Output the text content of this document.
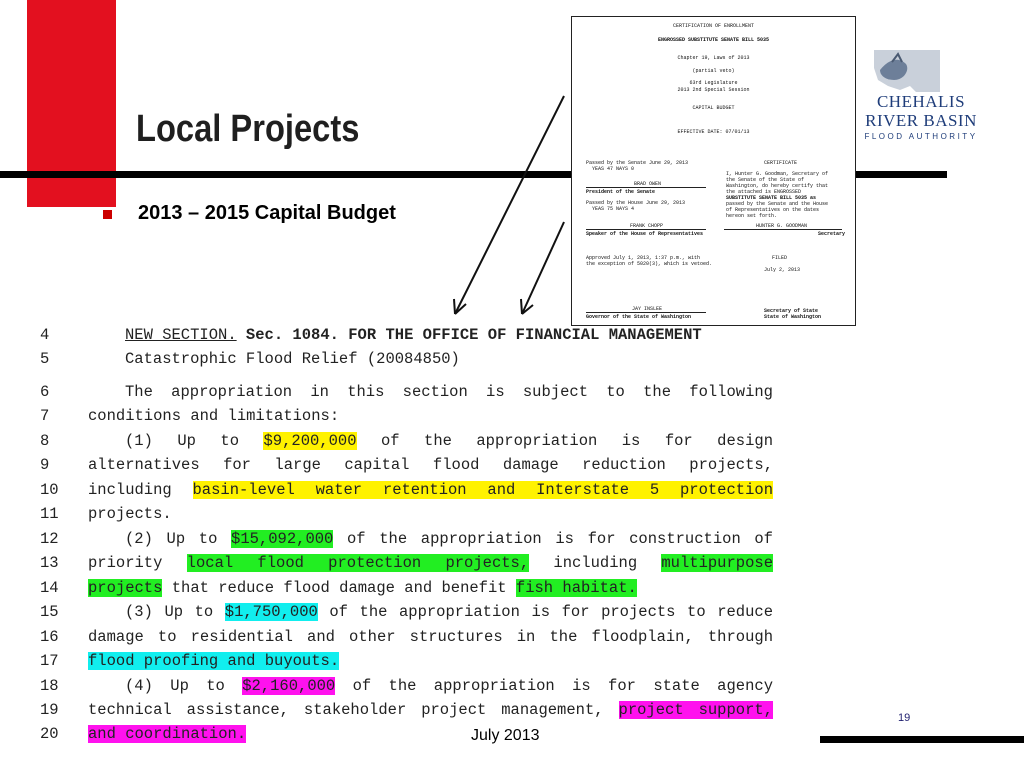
Local Projects
2013 – 2015 Capital Budget
CHEHALIS
RIVER BASIN
FLOOD AUTHORITY
CERTIFICATION OF ENROLLMENT
ENGROSSED SUBSTITUTE SENATE BILL 5035
Chapter 19, Laws of 2013
(partial veto)
63rd Legislature
2013 2nd Special Session
CAPITAL BUDGET
EFFECTIVE DATE: 07/01/13
Passed by the Senate June 29, 2013
YEAS 47 NAYS 0
BRAD OWEN
President of the Senate
Passed by the House June 29, 2013
YEAS 75 NAYS 4
FRANK CHOPP
Speaker of the House of Representatives
Approved July 1, 2013, 1:37 p.m., with
the exception of 5020(3), which is vetoed.
JAY INSLEE
Governor of the State of Washington
CERTIFICATE
I, Hunter G. Goodman, Secretary of
the Senate of the State of
Washington, do hereby certify that
the attached is ENGROSSED
SUBSTITUTE SENATE BILL 5035 as
passed by the Senate and the House
of Representatives on the dates
hereon set forth.
HUNTER G. GOODMAN
Secretary
FILED
July 2, 2013
Secretary of State
State of Washington
4	NEW SECTION. Sec. 1084. FOR THE OFFICE OF FINANCIAL MANAGEMENT
5	Catastrophic Flood Relief (20084850)
6	The appropriation in this section is subject to the following
7	conditions and limitations:
8	(1) Up to $9,200,000 of the appropriation is for design
9	alternatives for large capital flood damage reduction projects,
10 including basin-level water retention and Interstate 5 protection
11 projects.
12	(2) Up to $15,092,000 of the appropriation is for construction of
13 priority local flood protection projects, including multipurpose
14 projects that reduce flood damage and benefit fish habitat.
15	(3) Up to $1,750,000 of the appropriation is for projects to reduce
16 damage to residential and other structures in the floodplain, through
17 flood proofing and buyouts.
18	(4) Up to $2,160,000 of the appropriation is for state agency
19 technical assistance, stakeholder project management, project support,
20 and coordination.	July 2013
19
